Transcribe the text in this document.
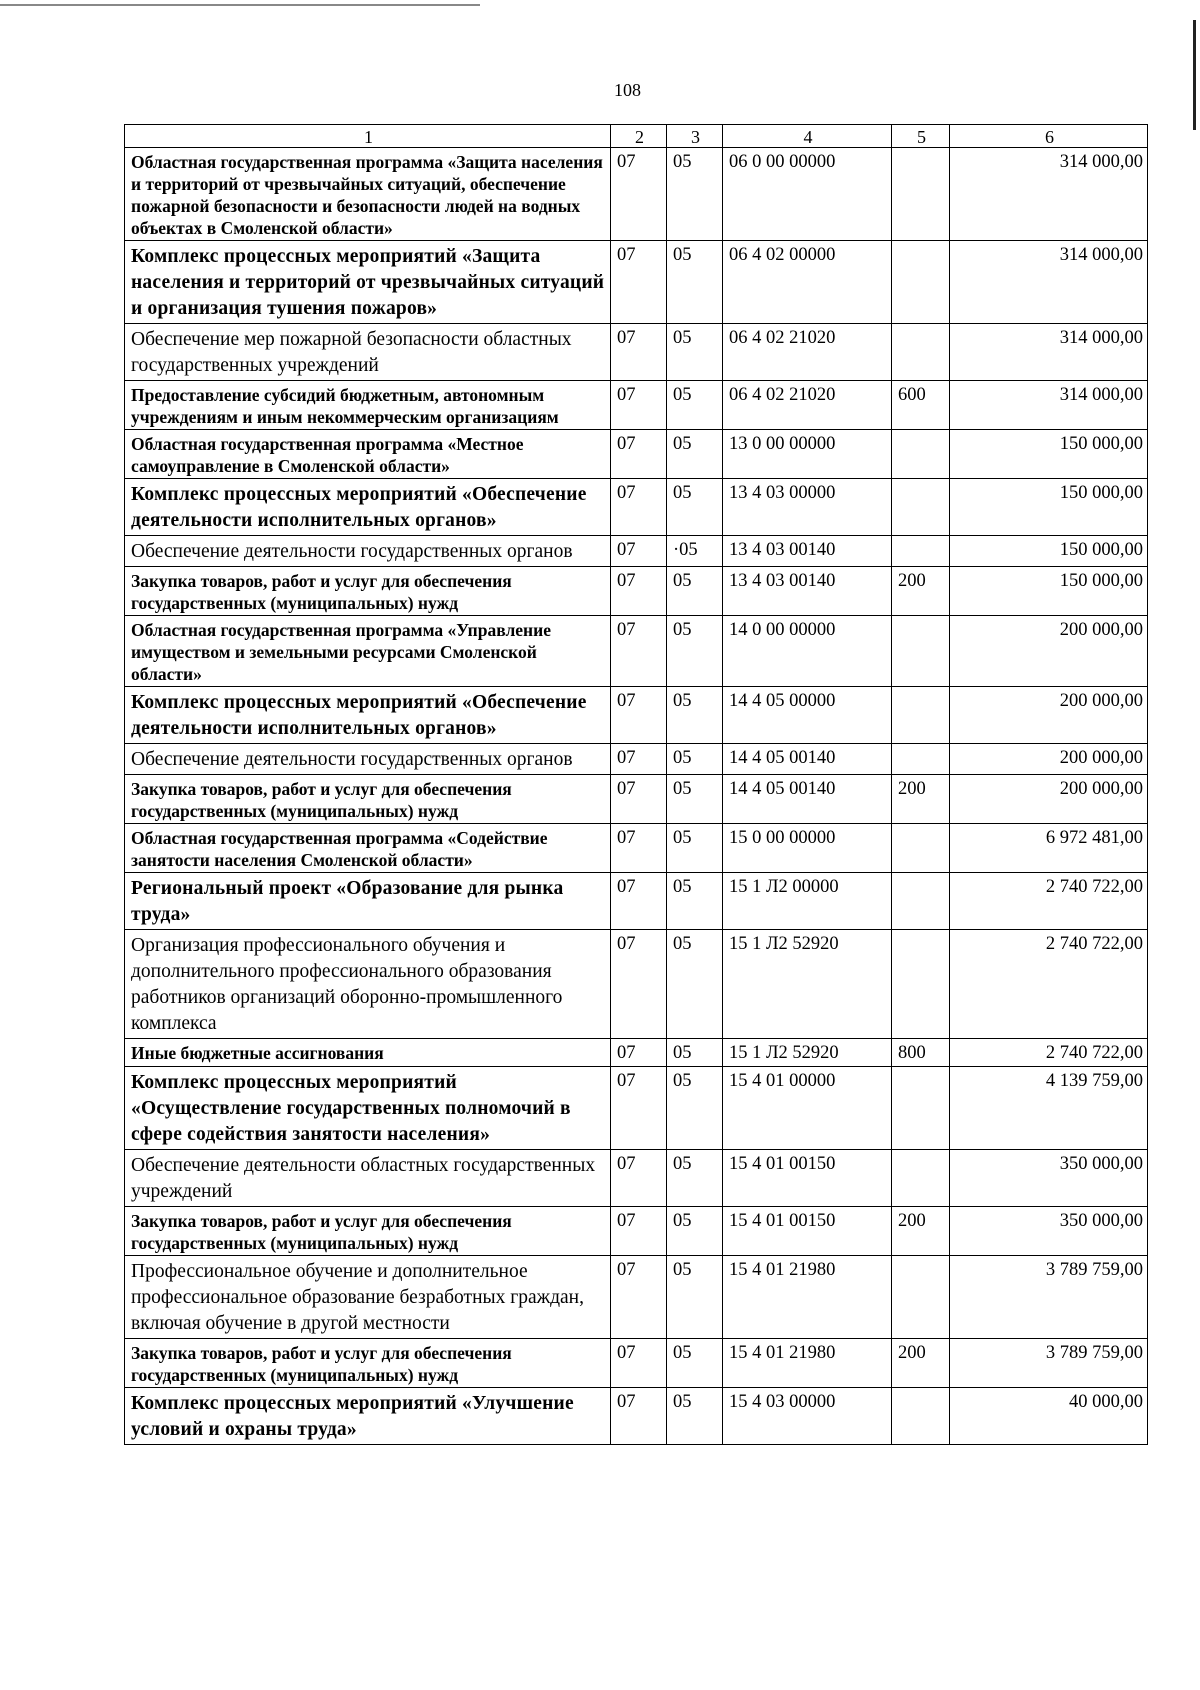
108
1	2	3	4	5	6
Областная государственная программа «Защита населения и территорий от чрезвычайных ситуаций, обеспечение пожарной безопасности и безопасности людей на водных объектах в Смоленской области»	07	05	06 0 00 00000		314 000,00
Комплекс процессных мероприятий «Защита населения и территорий от чрезвычайных ситуаций и организация тушения пожаров»	07	05	06 4 02 00000		314 000,00
Обеспечение мер пожарной безопасности областных государственных учреждений	07	05	06 4 02 21020		314 000,00
Предоставление субсидий бюджетным, автономным учреждениям и иным некоммерческим организациям	07	05	06 4 02 21020	600	314 000,00
Областная государственная программа «Местное самоуправление в Смоленской области»	07	05	13 0 00 00000		150 000,00
Комплекс процессных мероприятий «Обеспечение деятельности исполнительных органов»	07	05	13 4 03 00000		150 000,00
Обеспечение деятельности государственных органов	07	·05	13 4 03 00140		150 000,00
Закупка товаров, работ и услуг для обеспечения государственных (муниципальных) нужд	07	05	13 4 03 00140	200	150 000,00
Областная государственная программа «Управление имуществом и земельными ресурсами Смоленской области»	07	05	14 0 00 00000		200 000,00
Комплекс процессных мероприятий «Обеспечение деятельности исполнительных органов»	07	05	14 4 05 00000		200 000,00
Обеспечение деятельности государственных органов	07	05	14 4 05 00140		200 000,00
Закупка товаров, работ и услуг для обеспечения государственных (муниципальных) нужд	07	05	14 4 05 00140	200	200 000,00
Областная государственная программа «Содействие занятости населения Смоленской области»	07	05	15 0 00 00000		6 972 481,00
Региональный проект «Образование для рынка труда»	07	05	15 1 Л2 00000		2 740 722,00
Организация профессионального обучения и дополнительного профессионального образования работников организаций оборонно-промышленного комплекса	07	05	15 1 Л2 52920		2 740 722,00
Иные бюджетные ассигнования	07	05	15 1 Л2 52920	800	2 740 722,00
Комплекс процессных мероприятий «Осуществление государственных полномочий в сфере содействия занятости населения»	07	05	15 4 01 00000		4 139 759,00
Обеспечение деятельности областных государственных учреждений	07	05	15 4 01 00150		350 000,00
Закупка товаров, работ и услуг для обеспечения государственных (муниципальных) нужд	07	05	15 4 01 00150	200	350 000,00
Профессиональное обучение и дополнительное профессиональное образование безработных граждан, включая обучение в другой местности	07	05	15 4 01 21980		3 789 759,00
Закупка товаров, работ и услуг для обеспечения государственных (муниципальных) нужд	07	05	15 4 01 21980	200	3 789 759,00
Комплекс процессных мероприятий «Улучшение условий и охраны труда»	07	05	15 4 03 00000		40 000,00
